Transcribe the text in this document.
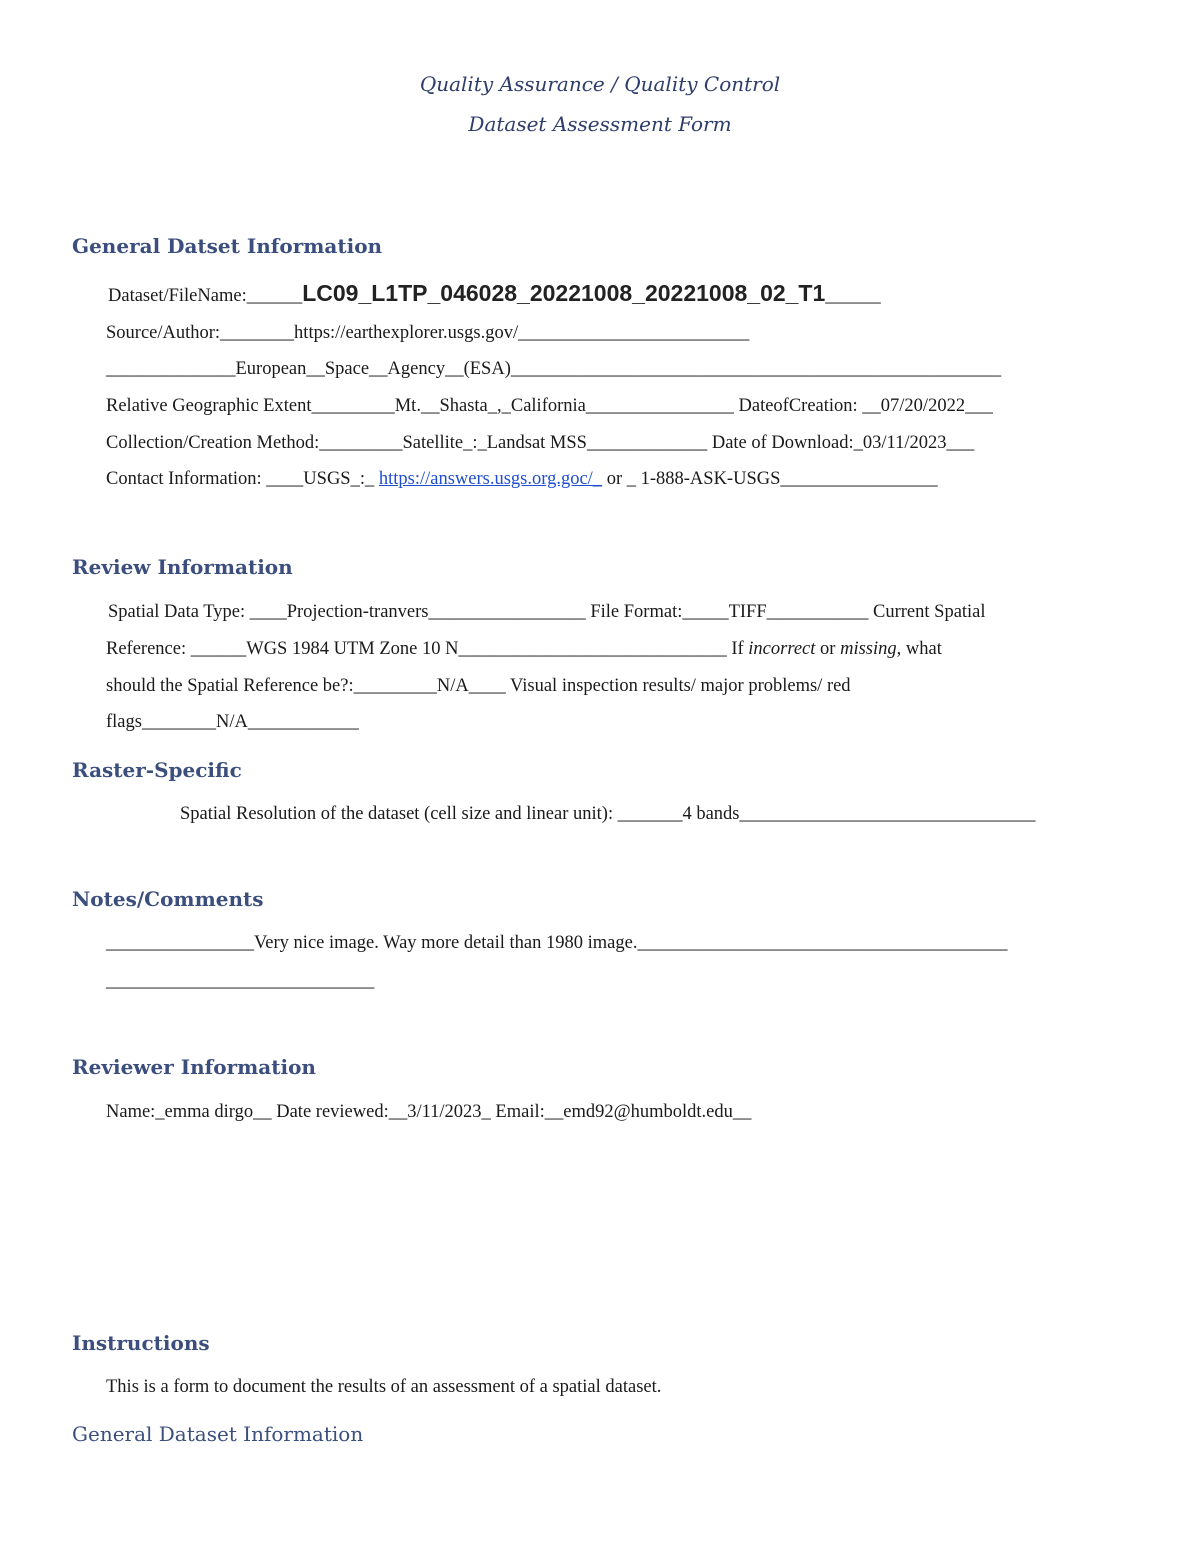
Quality Assurance / Quality Control
Dataset Assessment Form
General Datset Information
Dataset/FileName:______LC09_L1TP_046028_20221008_20221008_02_T1______
Source/Author:________https://earthexplorer.usgs.gov/_________________________
______________European__Space__Agency__(ESA)_____________________________________________________
Relative Geographic Extent_________Mt.__Shasta_,_California________________ DateofCreation: __07/20/2022___
Collection/Creation Method:_________Satellite_:_Landsat MSS_____________ Date of Download:_03/11/2023___
Contact Information: ____USGS_:_ https://answers.usgs.org.goc/_ or _ 1-888-ASK-USGS_________________
Review Information
Spatial Data Type: ____Projection-tranvers_________________ File Format:_____TIFF___________ Current Spatial
Reference: ______WGS 1984 UTM Zone 10 N_____________________________ If incorrect or missing, what
should the Spatial Reference be?:_________N/A____ Visual inspection results/ major problems/ red
flags________N/A____________
Raster-Specific
Spatial Resolution of the dataset (cell size and linear unit): _______4 bands________________________________
Notes/Comments
________________Very nice image. Way more detail than 1980 image.________________________________________
_____________________________
Reviewer Information
Name:_emma dirgo__ Date reviewed:__3/11/2023_ Email:__emd92@humboldt.edu__
Instructions
This is a form to document the results of an assessment of a spatial dataset.
General Dataset Information
